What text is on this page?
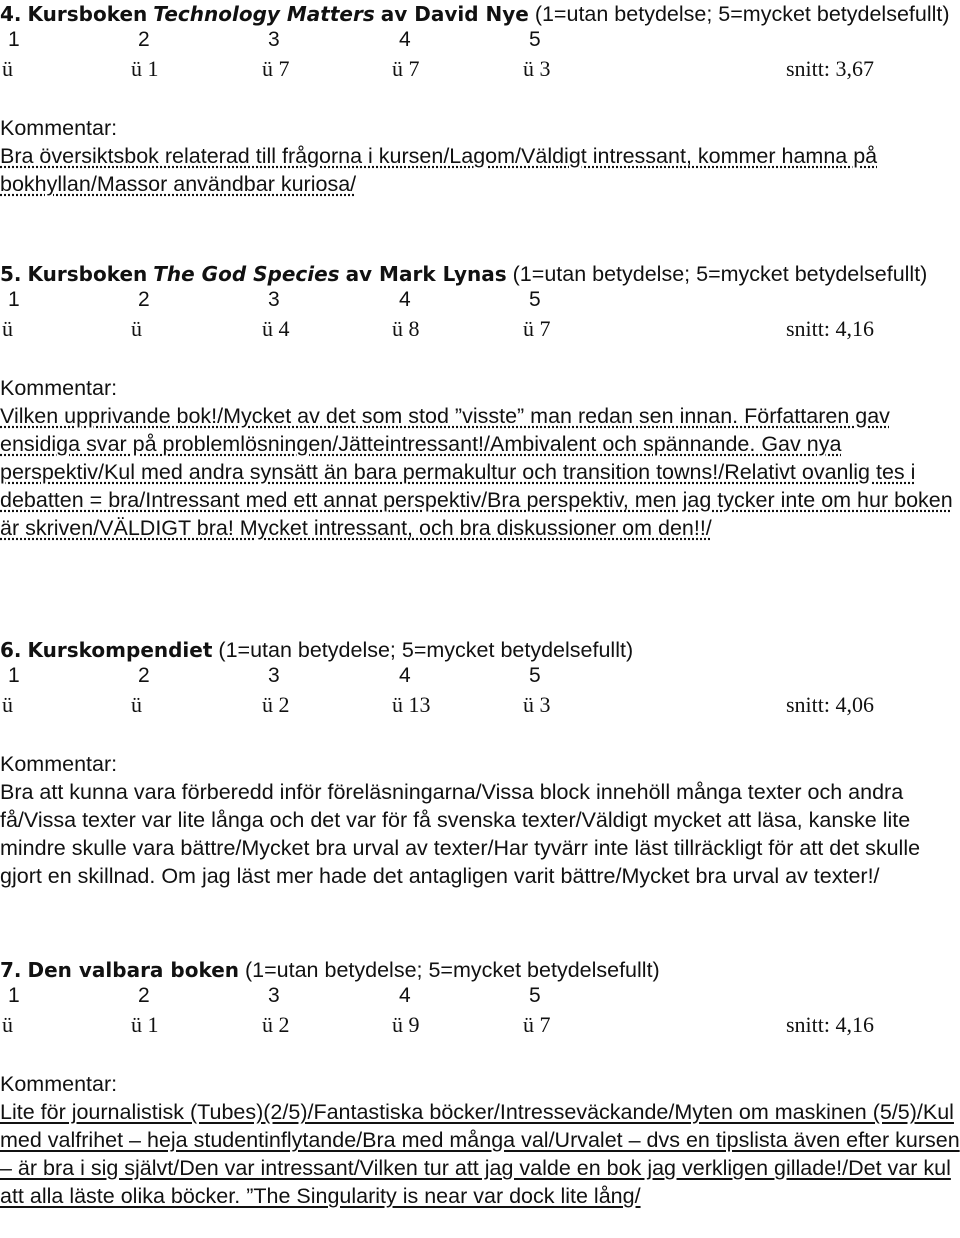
4. Kursboken Technology Matters av David Nye (1=utan betydelse; 5=mycket betydelsefullt)

1	2	3	4	5
ü	ü 1	ü 7	ü 7	ü 3	snitt: 3,67
Kommentar:

Bra översiktsbok relaterad till frågorna i kursen/Lagom/Väldigt intressant, kommer hamna på bokhyllan/Massor användbar kuriosa/

5. Kursboken The God Species av Mark Lynas (1=utan betydelse; 5=mycket betydelsefullt)

1	2	3	4	5
ü	ü	ü 4	ü 8	ü 7	snitt: 4,16
Kommentar:

Vilken upprivande bok!/Mycket av det som stod ”visste” man redan sen innan. Författaren gav ensidiga svar på problemlösningen/Jätteintressant!/Ambivalent och spännande. Gav nya perspektiv/Kul med andra synsätt än bara permakultur och transition towns!/Relativt ovanlig tes i debatten = bra/Intressant med ett annat perspektiv/Bra perspektiv, men jag tycker inte om hur boken är skriven/VÄLDIGT bra! Mycket intressant, och bra diskussioner om den!!/

6. Kurskompendiet (1=utan betydelse; 5=mycket betydelsefullt)

1	2	3	4	5
ü	ü	ü 2	ü 13	ü 3	snitt: 4,06
Kommentar:

Bra att kunna vara förberedd inför föreläsningarna/Vissa block innehöll många texter och andra få/Vissa texter var lite långa och det var för få svenska texter/Väldigt mycket att läsa, kanske lite mindre skulle vara bättre/Mycket bra urval av texter/Har tyvärr inte läst tillräckligt för att det skulle gjort en skillnad. Om jag läst mer hade det antagligen varit bättre/Mycket bra urval av texter!/

7. Den valbara boken (1=utan betydelse; 5=mycket betydelsefullt)

1	2	3	4	5
ü	ü 1	ü 2	ü 9	ü 7	snitt: 4,16
Kommentar:

Lite för journalistisk (Tubes)(2/5)/Fantastiska böcker/Intresseväckande/Myten om maskinen (5/5)/Kul med valfrihet – heja studentinflytande/Bra med många val/Urvalet – dvs en tipslista även efter kursen – är bra i sig självt/Den var intressant/Vilken tur att jag valde en bok jag verkligen gillade!/Det var kul att alla läste olika böcker. ”The Singularity is near var dock lite lång/
